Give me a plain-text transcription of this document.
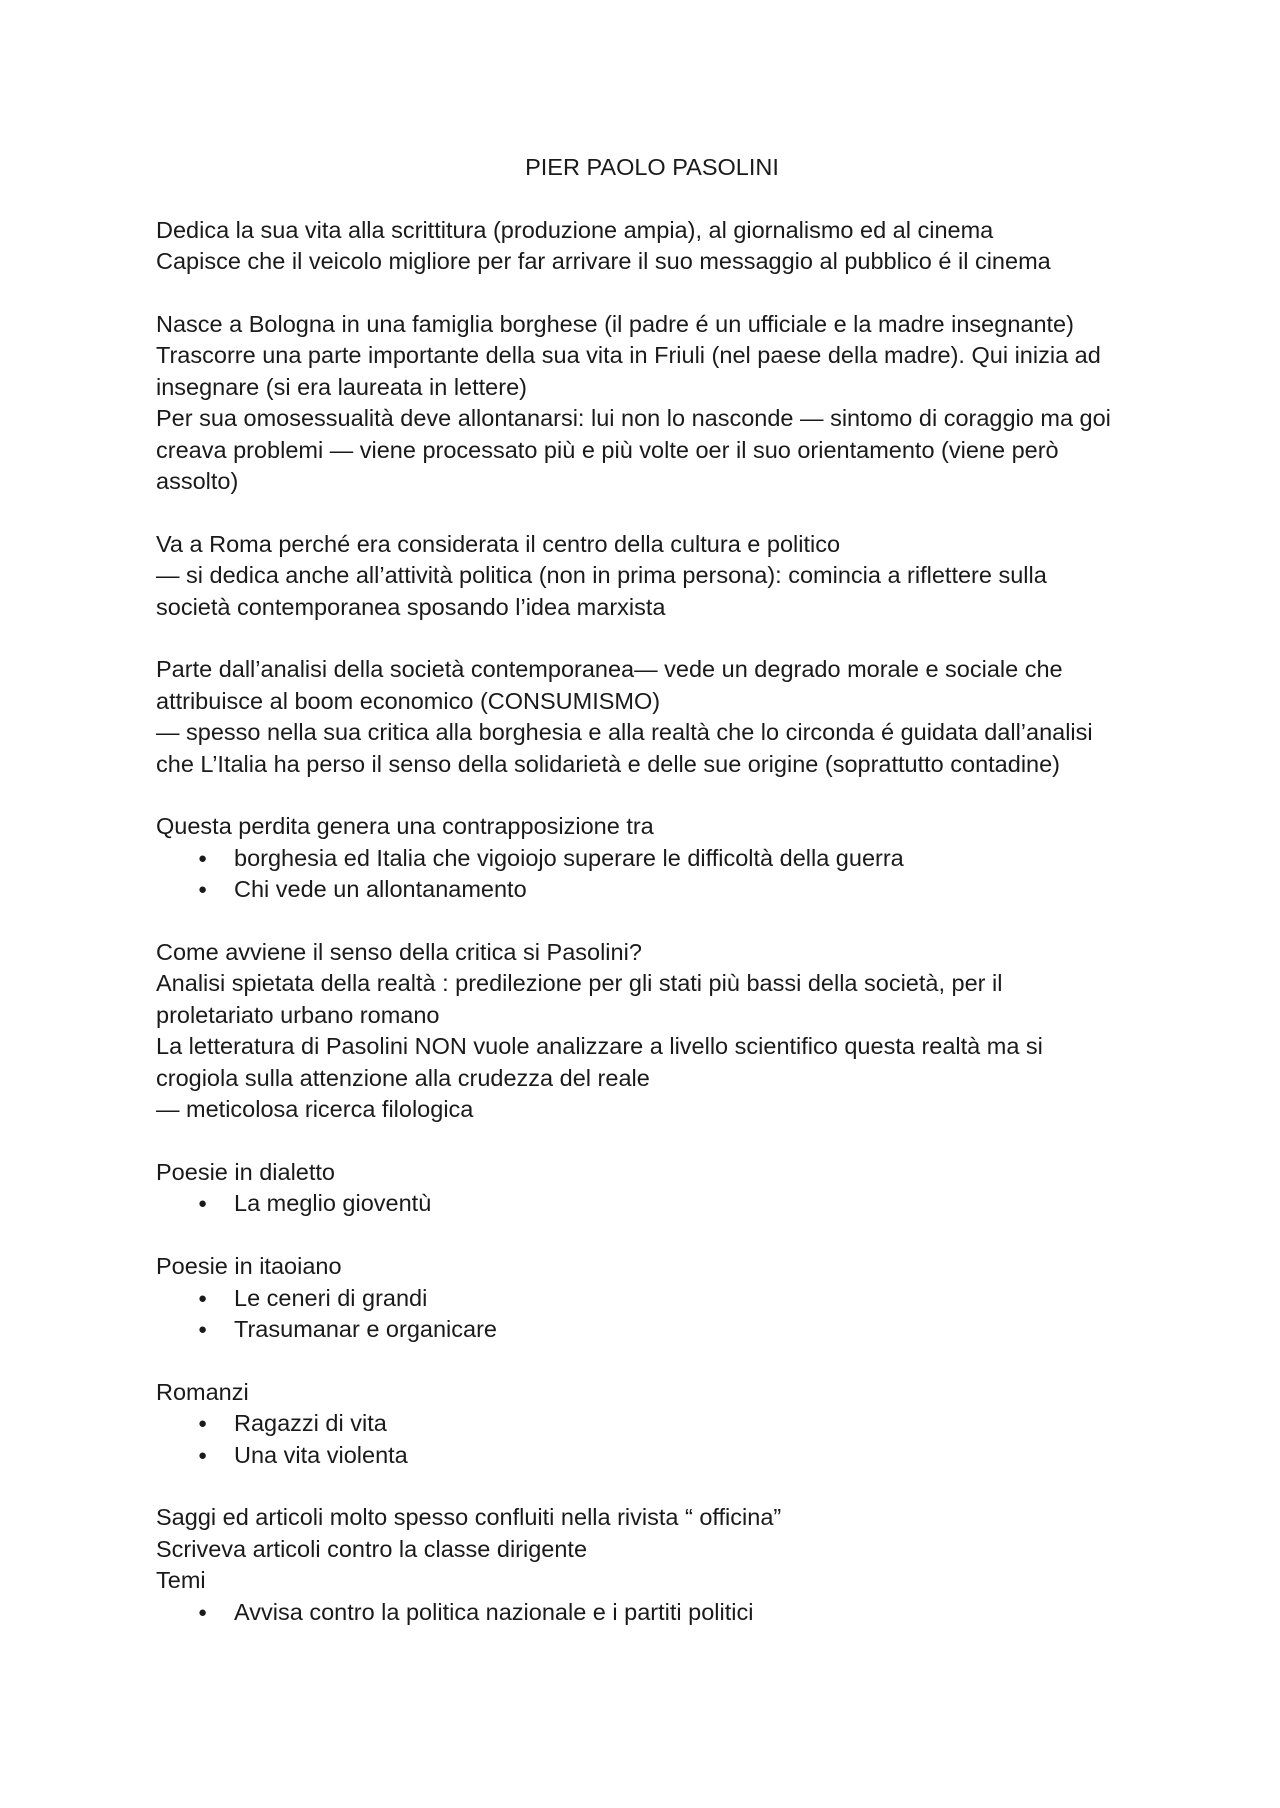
PIER PAOLO PASOLINI
Dedica la sua vita alla scrittitura (produzione ampia), al giornalismo ed al cinema
Capisce che il veicolo migliore per far arrivare il suo messaggio al pubblico é il cinema
Nasce a Bologna in una famiglia borghese (il padre é un ufficiale e la madre insegnante)
Trascorre una parte importante della sua vita in Friuli (nel paese della madre). Qui inizia ad
insegnare (si era laureata in lettere)
Per sua omosessualità deve allontanarsi: lui non lo nasconde — sintomo di coraggio ma goi
creava problemi — viene processato più e più volte oer il suo orientamento (viene però
assolto)
Va a Roma perché era considerata il centro della cultura e politico
— si dedica anche all’attività politica (non in prima persona): comincia a riflettere sulla
società contemporanea sposando l’idea marxista
Parte dall’analisi della società contemporanea— vede un degrado morale e sociale che
attribuisce al boom economico (CONSUMISMO)
— spesso nella sua critica alla borghesia e alla realtà che lo circonda é guidata dall’analisi
che L’Italia ha perso il senso della solidarietà e delle sue origine (soprattutto contadine)
Questa perdita genera una contrapposizione tra
● borghesia ed Italia che vigoiojo superare le difficoltà della guerra
● Chi vede un allontanamento
Come avviene il senso della critica si Pasolini?
Analisi spietata della realtà : predilezione per gli stati più bassi della società, per il
proletariato urbano romano
La letteratura di Pasolini NON vuole analizzare a livello scientifico questa realtà ma si
crogiola sulla attenzione alla crudezza del reale
— meticolosa ricerca filologica
Poesie in dialetto
● La meglio gioventù
Poesie in itaoiano
● Le ceneri di grandi
● Trasumanar e organicare
Romanzi
● Ragazzi di vita
● Una vita violenta
Saggi ed articoli molto spesso confluiti nella rivista “ officina”
Scriveva articoli contro la classe dirigente
Temi
● Avvisa contro la politica nazionale e i partiti politici
